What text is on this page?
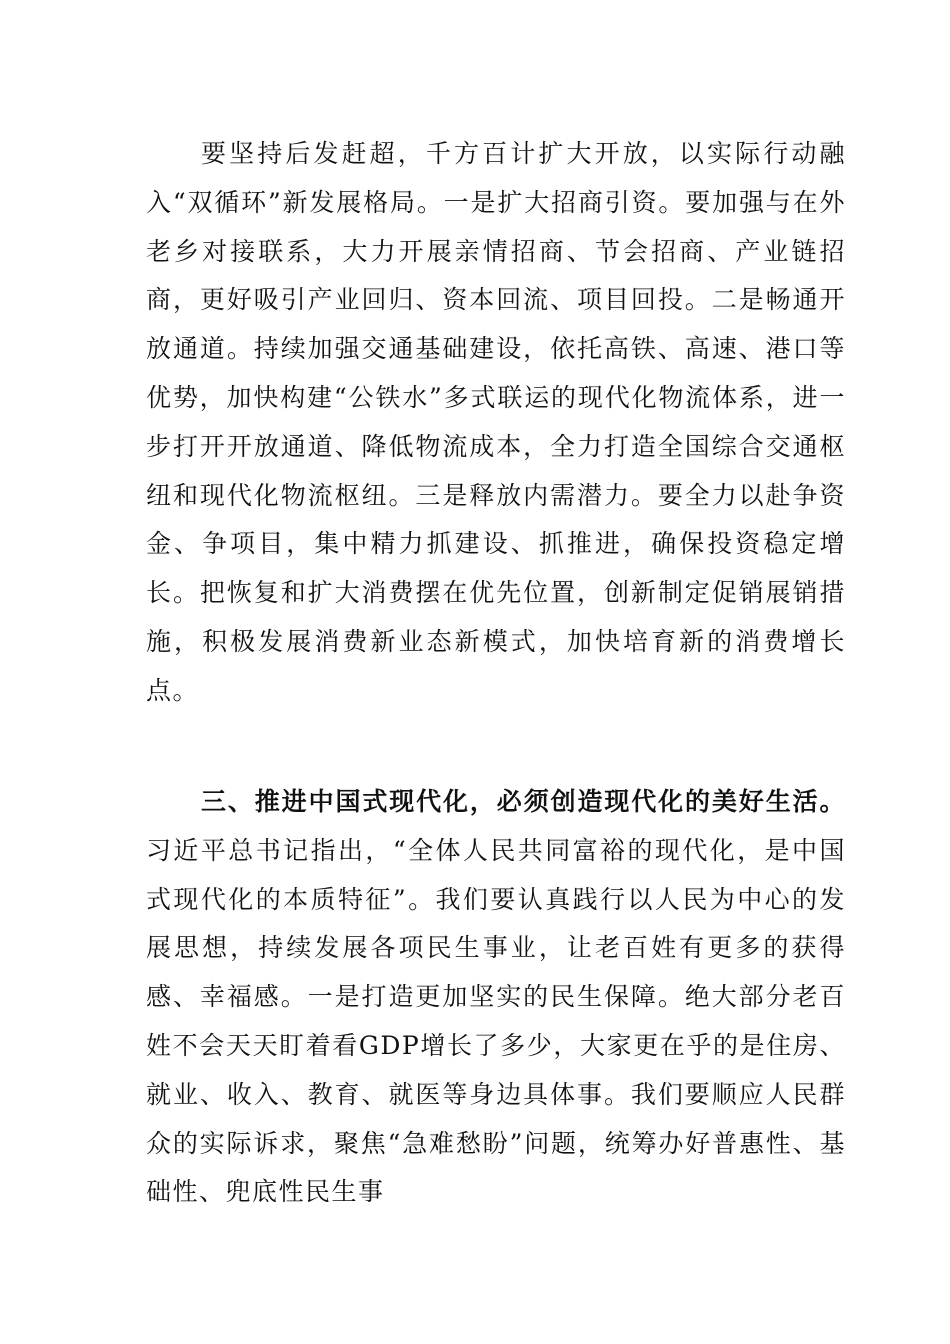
要坚持后发赶超，千方百计扩大开放，以实际行动融入“双循环”新发展格局。一是扩大招商引资。要加强与在外老乡对接联系，大力开展亲情招商、节会招商、产业链招商，更好吸引产业回归、资本回流、项目回投。二是畅通开放通道。持续加强交通基础建设，依托高铁、高速、港口等优势，加快构建“公铁水”多式联运的现代化物流体系，进一步打开开放通道、降低物流成本，全力打造全国综合交通枢纽和现代化物流枢纽。三是释放内需潜力。要全力以赴争资金、争项目，集中精力抓建设、抓推进，确保投资稳定增长。把恢复和扩大消费摆在优先位置，创新制定促销展销措施，积极发展消费新业态新模式，加快培育新的消费增长点。

三、推进中国式现代化，必须创造现代化的美好生活。习近平总书记指出，“全体人民共同富裕的现代化，是中国式现代化的本质特征”。我们要认真践行以人民为中心的发展思想，持续发展各项民生事业，让老百姓有更多的获得感、幸福感。一是打造更加坚实的民生保障。绝大部分老百姓不会天天盯着看GDP增长了多少，大家更在乎的是住房、就业、收入、教育、就医等身边具体事。我们要顺应人民群众的实际诉求，聚焦“急难愁盼”问题，统筹办好普惠性、基础性、兜底性民生事
